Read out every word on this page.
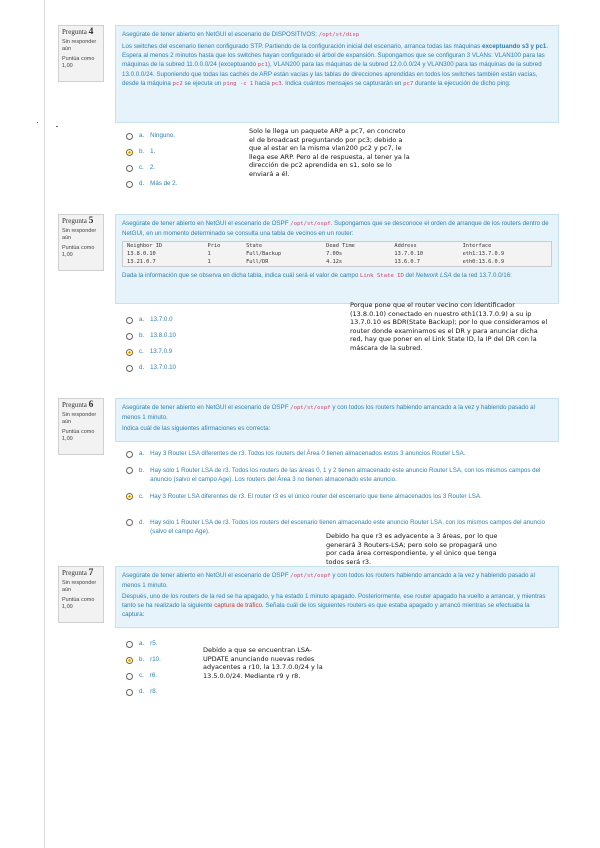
Pregunta 4

Sin responder aún

Puntúa como 1,00

Asegúrate de tener abierto en NetGUI el escenario de DISPOSITIVOS: /opt/st/disp

Los switches del escenario tienen configurado STP. Partiendo de la configuración inicial del escenario, arranca todas las máquinas exceptuando s3 y pc1. Espera al menos 2 minutos hasta que los switches hayan configurado el árbol de expansión. Supongamos que se configuran 3 VLANs: VLAN100 para las máquinas de la subred 11.0.0.0/24 (exceptuando pc1), VLAN200 para las máquinas de la subred 12.0.0.0/24 y VLAN300 para las máquinas de la subred 13.0.0.0/24. Suponiendo que todas las cachés de ARP están vacías y las tablas de direcciones aprendidas en todos los switches también están vacías, desde la máquina pc2 se ejecuta un ping -c 1 hacia pc3. Indica cuántos mensajes se capturarán en pc7 durante la ejecución de dicho ping:

a. Ninguno.
b. 1.
c. 2.
d. Más de 2.
Solo le llega un paquete ARP a pc7, en concreto el de broadcast preguntando por pc3; debido a que al estar en la misma vlan200 pc2 y pc7, le llega ese ARP. Pero al de respuesta, al tener ya la dirección de pc2 aprendida en s1, solo se lo enviará a él.
Pregunta 5

Sin responder aún

Puntúa como 1,00

Asegúrate de tener abierto en NetGUI el escenario de OSPF /opt/st/ospf. Supongamos que se desconoce el orden de arranque de los routers dentro de NetGUI, en un momento determinado se consulta una tabla de vecinos en un router:

Neighbor ID	Prio	State	Dead Time	Address	Interface
13.8.0.10	1	Full/Backup	7.00s	13.7.0.10	eth1:13.7.0.9
13.21.0.7	1	Full/DR	4.12s	13.6.0.7	eth0:13.6.0.9

Dada la información que se observa en dicha tabla, indica cuál será el valor de campo Link State ID del Network LSA de la red 13.7.0.0/16:

a. 13.7.0.0
b. 13.8.0.10
c. 13.7.0.9
d. 13.7.0.10
Porque pone que el router vecino con identificador (13.8.0.10) conectado en nuestro eth1(13.7.0.9) a su ip 13.7.0.10 es BDR(State Backup); por lo que consideramos el router donde examinamos es el DR y para anunciar dicha red, hay que poner en el Link State ID, la IP del DR con la máscara de la subred.
Pregunta 6

Sin responder aún

Puntúa como 1,00

Asegúrate de tener abierto en NetGUI el escenario de OSPF /opt/st/ospf y con todos los routers habiendo arrancado a la vez y habiendo pasado al menos 1 minuto.

Indica cuál de las siguientes afirmaciones es correcta:

a. Hay 3 Router LSA diferentes de r3. Todos los routers del Área 0 tienen almacenados estos 3 anuncios Router LSA.
b. Hay sólo 1 Router LSA de r3. Todos los routers de las áreas 0, 1 y 2 tienen almacenado este anuncio Router LSA, con los mismos campos del anuncio (salvo el campo Age). Los routers del Área 3 no tienen almacenado este anuncio.
c. Hay 3 Router LSA diferentes de r3. El router r3 es el único router del escenario que tiene almacenados los 3 Router LSA.
d. Hay sólo 1 Router LSA de r3. Todos los routers del escenario tienen almacenado este anuncio Router LSA, con los mismos campos del anuncio (salvo el campo Age).
Debido ha que r3 es adyacente a 3 áreas, por lo que generará 3 Routers-LSA; pero solo se propagará uno por cada área correspondiente, y el único que tenga todos será r3.
Pregunta 7

Sin responder aún

Puntúa como 1,00

Asegúrate de tener abierto en NetGUI el escenario de OSPF /opt/st/ospf y con todos los routers habiendo arrancado a la vez y habiendo pasado al menos 1 minuto.

Después, uno de los routers de la red se ha apagado, y ha estado 1 minuto apagado. Posteriormente, ese router apagado ha vuelto a arrancar, y mientras tanto se ha realizado la siguiente captura de tráfico. Señala cuál de los siguientes routers es que estaba apagado y arrancó mientras se efectuaba la captura:

a. r5.
b. r10.
c. r6.
d. r8.
Debido a que se encuentran LSA-UPDATE anunciando nuevas redes adyacentes a r10, la 13.7.0.0/24 y la 13.5.0.0/24. Mediante r9 y r8.
